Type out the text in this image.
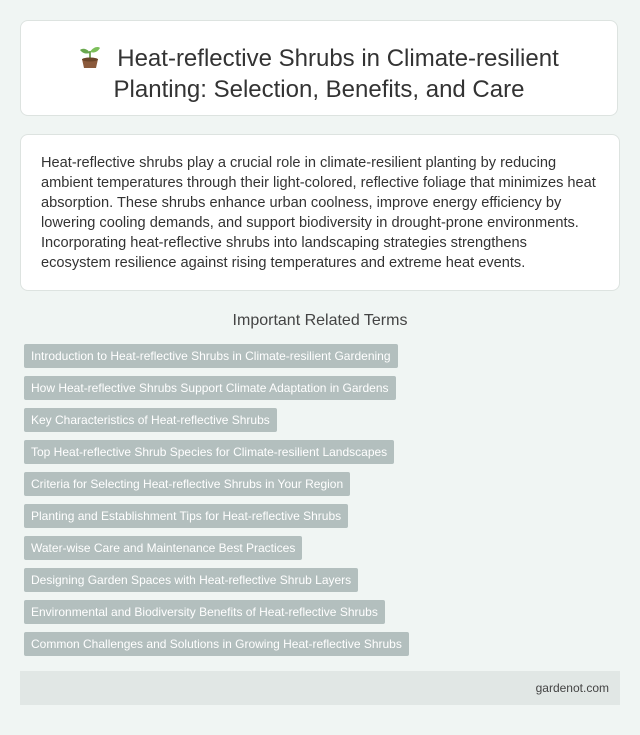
Heat-reflective Shrubs in Climate-resilient Planting: Selection, Benefits, and Care
Heat-reflective shrubs play a crucial role in climate-resilient planting by reducing ambient temperatures through their light-colored, reflective foliage that minimizes heat absorption. These shrubs enhance urban coolness, improve energy efficiency by lowering cooling demands, and support biodiversity in drought-prone environments. Incorporating heat-reflective shrubs into landscaping strategies strengthens ecosystem resilience against rising temperatures and extreme heat events.
Important Related Terms
Introduction to Heat-reflective Shrubs in Climate-resilient Gardening
How Heat-reflective Shrubs Support Climate Adaptation in Gardens
Key Characteristics of Heat-reflective Shrubs
Top Heat-reflective Shrub Species for Climate-resilient Landscapes
Criteria for Selecting Heat-reflective Shrubs in Your Region
Planting and Establishment Tips for Heat-reflective Shrubs
Water-wise Care and Maintenance Best Practices
Designing Garden Spaces with Heat-reflective Shrub Layers
Environmental and Biodiversity Benefits of Heat-reflective Shrubs
Common Challenges and Solutions in Growing Heat-reflective Shrubs
gardenot.com
